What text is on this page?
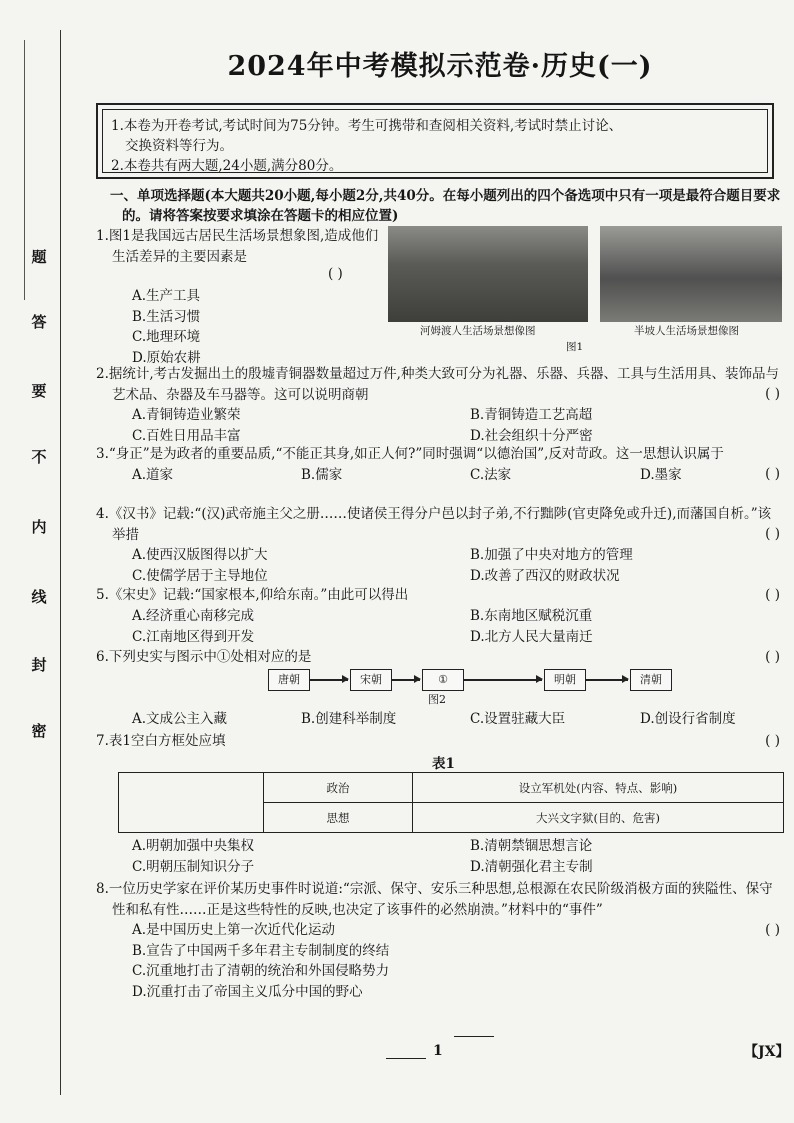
题
答
要
不
内
线
封
密
2024年中考模拟示范卷·历史(一)
1.本卷为开卷考试,考试时间为75分钟。考生可携带和查阅相关资料,考试时禁止讨论、
交换资料等行为。
2.本卷共有两大题,24小题,满分80分。
一、单项选择题(本大题共20小题,每小题2分,共40分。在每小题列出的四个备选项中只有一项是最符合题目要求的。请将答案按要求填涂在答题卡的相应位置)
1.图1是我国远古居民生活场景想象图,造成他们生活差异的主要因素是
( )
A.生产工具
B.生活习惯
C.地理环境
D.原始农耕
河姆渡人生活场景想像图	半坡人生活场景想像图
图1
2.据统计,考古发掘出土的殷墟青铜器数量超过万件,种类大致可分为礼器、乐器、兵器、工具与生活用具、装饰品与艺术品、杂器及车马器等。这可以说明商朝	( )
A.青铜铸造业繁荣	B.青铜铸造工艺高超
C.百姓日用品丰富	D.社会组织十分严密
3.“身正”是为政者的重要品质,“不能正其身,如正人何?”同时强调“以德治国”,反对苛政。这一思想认识属于
( )
A.道家	B.儒家	C.法家	D.墨家
4.《汉书》记载:“(汉)武帝施主父之册……使诸侯王得分户邑以封子弟,不行黜陟(官吏降免或升迁),而藩国自析。”该举措	( )
A.使西汉版图得以扩大	B.加强了中央对地方的管理
C.使儒学居于主导地位	D.改善了西汉的财政状况
5.《宋史》记载:“国家根本,仰给东南。”由此可以得出	( )
A.经济重心南移完成	B.东南地区赋税沉重
C.江南地区得到开发	D.北方人民大量南迁
6.下列史实与图示中①处相对应的是	( )
唐朝	宋朝	①	明朝	清朝
图2
A.文成公主入藏	B.创建科举制度	C.设置驻藏大臣	D.创设行省制度
7.表1空白方框处应填	( )
表1
	政治	设立军机处(内容、特点、影响)
	思想	大兴文字狱(目的、危害)
A.明朝加强中央集权	B.清朝禁锢思想言论
C.明朝压制知识分子	D.清朝强化君主专制
8.一位历史学家在评价某历史事件时说道:“宗派、保守、安乐三种思想,总根源在农民阶级消极方面的狭隘性、保守性和私有性……正是这些特性的反映,也决定了该事件的必然崩溃。”材料中的“事件”
( )
A.是中国历史上第一次近代化运动
B.宣告了中国两千多年君主专制制度的终结
C.沉重地打击了清朝的统治和外国侵略势力
D.沉重打击了帝国主义瓜分中国的野心
1	【JX】
